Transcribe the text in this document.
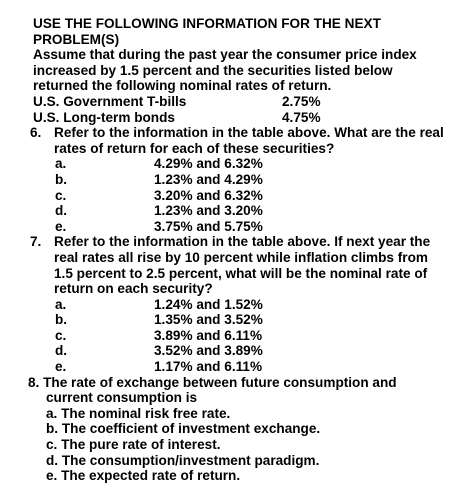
USE THE FOLLOWING INFORMATION FOR THE NEXT
PROBLEM(S)
Assume that during the past year the consumer price index
increased by 1.5 percent and the securities listed below
returned the following nominal rates of return.
U.S. Government T-bills	2.75%
U.S. Long-term bonds	4.75%
6. Refer to the information in the table above. What are the real
rates of return for each of these securities?
a.	4.29% and 6.32%
b.	1.23% and 4.29%
c.	3.20% and 6.32%
d.	1.23% and 3.20%
e.	3.75% and 5.75%
7. Refer to the information in the table above. If next year the
real rates all rise by 10 percent while inflation climbs from
1.5 percent to 2.5 percent, what will be the nominal rate of
return on each security?
a.	1.24% and 1.52%
b.	1.35% and 3.52%
c.	3.89% and 6.11%
d.	3.52% and 3.89%
e.	1.17% and 6.11%
8. The rate of exchange between future consumption and
current consumption is
a. The nominal risk free rate.
b. The coefficient of investment exchange.
c. The pure rate of interest.
d. The consumption/investment paradigm.
e. The expected rate of return.
